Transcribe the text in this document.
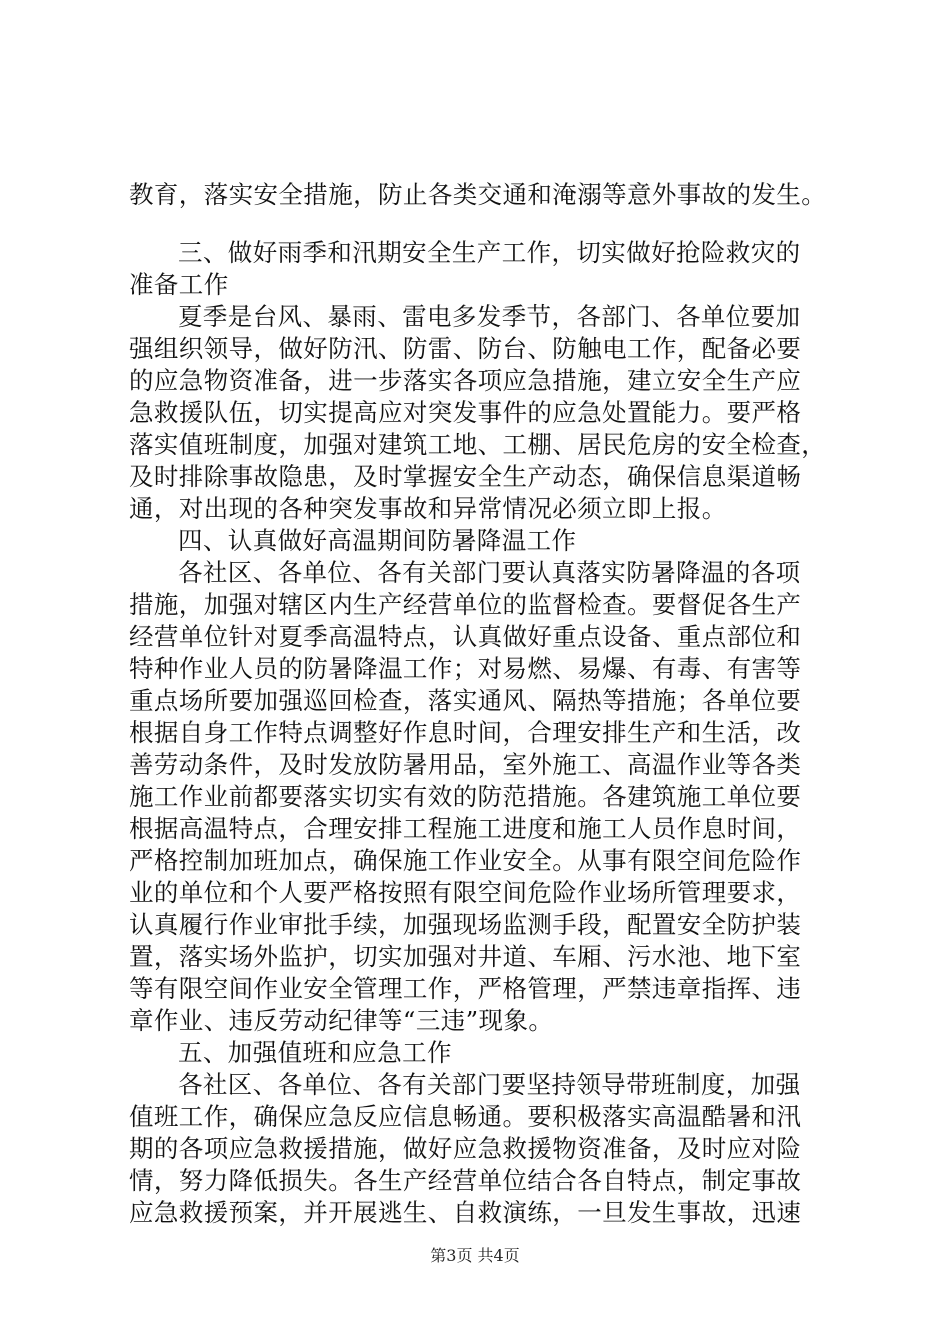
教育，落实安全措施，防止各类交通和淹溺等意外事故的发生。
三、做好雨季和汛期安全生产工作，切实做好抢险救灾的
准备工作
夏季是台风、暴雨、雷电多发季节，各部门、各单位要加
强组织领导，做好防汛、防雷、防台、防触电工作，配备必要
的应急物资准备，进一步落实各项应急措施，建立安全生产应
急救援队伍，切实提高应对突发事件的应急处置能力。要严格
落实值班制度，加强对建筑工地、工棚、居民危房的安全检查，
及时排除事故隐患，及时掌握安全生产动态，确保信息渠道畅
通，对出现的各种突发事故和异常情况必须立即上报。
四、认真做好高温期间防暑降温工作
各社区、各单位、各有关部门要认真落实防暑降温的各项
措施，加强对辖区内生产经营单位的监督检查。要督促各生产
经营单位针对夏季高温特点，认真做好重点设备、重点部位和
特种作业人员的防暑降温工作；对易燃、易爆、有毒、有害等
重点场所要加强巡回检查，落实通风、隔热等措施；各单位要
根据自身工作特点调整好作息时间，合理安排生产和生活，改
善劳动条件，及时发放防暑用品，室外施工、高温作业等各类
施工作业前都要落实切实有效的防范措施。各建筑施工单位要
根据高温特点，合理安排工程施工进度和施工人员作息时间，
严格控制加班加点，确保施工作业安全。从事有限空间危险作
业的单位和个人要严格按照有限空间危险作业场所管理要求，
认真履行作业审批手续，加强现场监测手段，配置安全防护装
置，落实场外监护，切实加强对井道、车厢、污水池、地下室
等有限空间作业安全管理工作，严格管理，严禁违章指挥、违
章作业、违反劳动纪律等“三违”现象。
五、加强值班和应急工作
各社区、各单位、各有关部门要坚持领导带班制度，加强
值班工作，确保应急反应信息畅通。要积极落实高温酷暑和汛
期的各项应急救援措施，做好应急救援物资准备，及时应对险
情，努力降低损失。各生产经营单位结合各自特点，制定事故
应急救援预案，并开展逃生、自救演练，一旦发生事故，迅速
第3页 共4页
